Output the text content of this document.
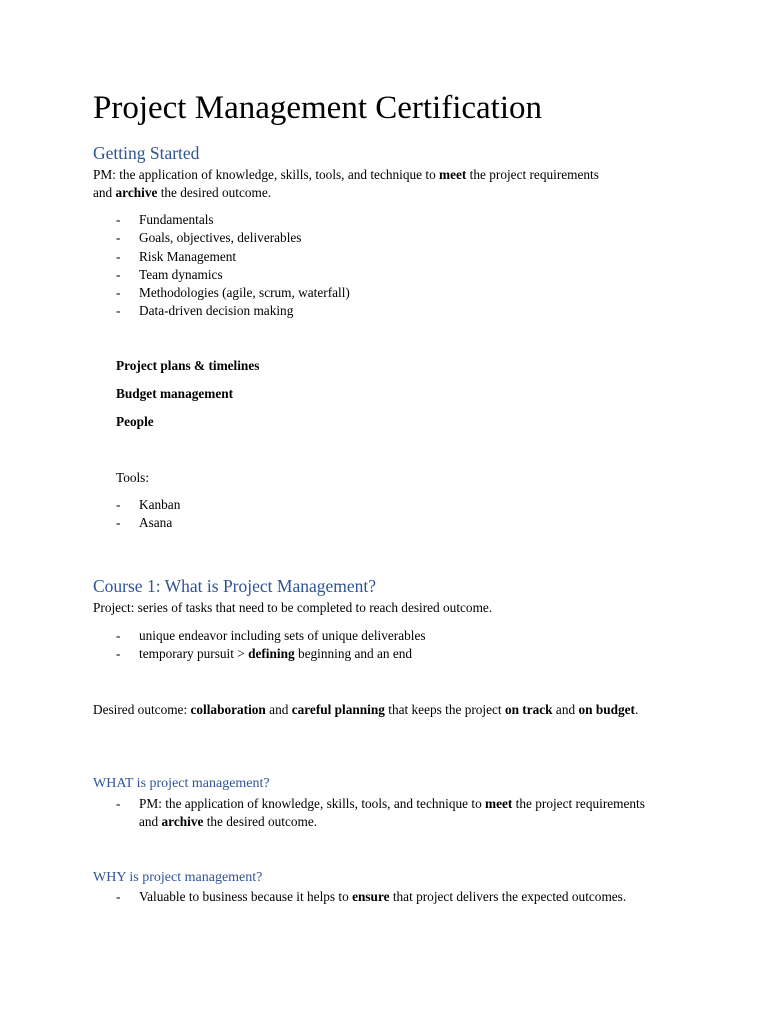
Project Management Certification
Getting Started

PM: the application of knowledge, skills, tools, and technique to meet the project requirements and archive the desired outcome.

- Fundamentals
- Goals, objectives, deliverables
- Risk Management
- Team dynamics
- Methodologies (agile, scrum, waterfall)
- Data-driven decision making

Project plans & timelines

Budget management

People

Tools:

- Kanban
- Asana
Course 1: What is Project Management?

Project: series of tasks that need to be completed to reach desired outcome.

- unique endeavor including sets of unique deliverables
- temporary pursuit > defining beginning and an end

Desired outcome: collaboration and careful planning that keeps the project on track and on budget.

WHAT is project management?
- PM: the application of knowledge, skills, tools, and technique to meet the project requirements and archive the desired outcome.
WHY is project management?
- Valuable to business because it helps to ensure that project delivers the expected outcomes.
